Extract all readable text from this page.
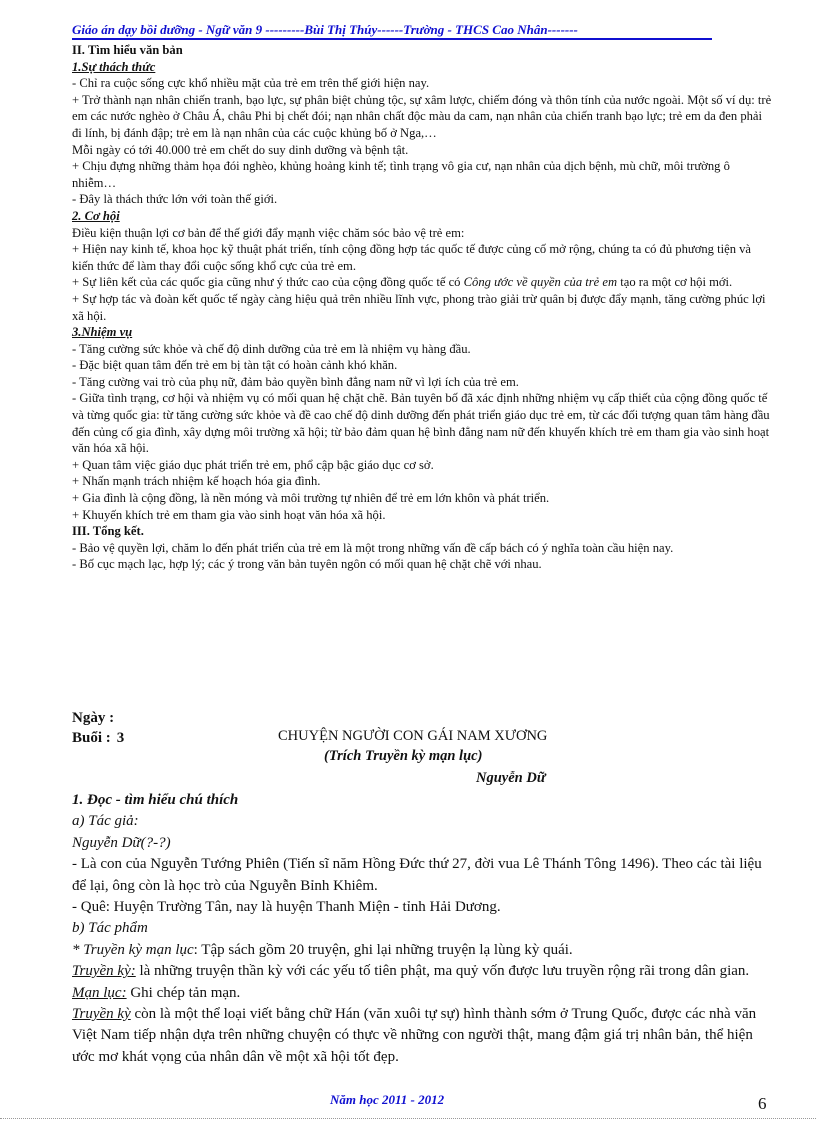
Giáo án dạy bồi dưỡng - Ngữ văn 9 ---------Bùi Thị Thúy------Trường - THCS Cao Nhân-------

II. Tìm hiểu văn bản

1.Sự thách thức

- Chỉ ra cuộc sống cực khổ nhiều mặt của trẻ em trên thế giới hiện nay.

+ Trở thành nạn nhân chiến tranh, bạo lực, sự phân biệt chủng tộc, sự xâm lược, chiếm đóng và thôn tính của nước ngoài. Một số ví dụ: trẻ em các nước nghèo ở Châu Á, châu Phi bị chết đói; nạn nhân chất độc màu da cam, nạn nhân của chiến tranh bạo lực; trẻ em da đen phải đi lính, bị đánh đập; trẻ em là nạn nhân của các cuộc khủng bố ở Nga,…

Mỗi ngày có tới 40.000 trẻ em chết do suy dinh dưỡng và bệnh tật.

+ Chịu đựng những thảm họa đói nghèo, khủng hoảng kinh tế; tình trạng vô gia cư, nạn nhân của dịch bệnh, mù chữ, môi trường ô nhiễm…

- Đây là thách thức lớn với toàn thế giới.

2. Cơ hội

Điều kiện thuận lợi cơ bản để thế giới đẩy mạnh việc chăm sóc bảo vệ trẻ em:

+ Hiện nay kinh tế, khoa học kỹ thuật phát triển, tính cộng đồng hợp tác quốc tế được củng cố mở rộng, chúng ta có đủ phương tiện và kiến thức để làm thay đổi cuộc sống khổ cực của trẻ em.

+ Sự liên kết của các quốc gia cũng như ý thức cao của cộng đồng quốc tế có Công ước về quyền của trẻ em tạo ra một cơ hội mới.

+ Sự hợp tác và đoàn kết quốc tế ngày càng hiệu quả trên nhiều lĩnh vực, phong trào giải trừ quân bị được đẩy mạnh, tăng cường phúc lợi xã hội.

3.Nhiệm vụ

- Tăng cường sức khỏe và chế độ dinh dưỡng của trẻ em là nhiệm vụ hàng đầu.

- Đặc biệt quan tâm đến trẻ em bị tàn tật có hoàn cảnh khó khăn.

- Tăng cường vai trò của phụ nữ, đảm bảo quyền bình đẳng nam nữ vì lợi ích của trẻ em.

- Giữa tình trạng, cơ hội và nhiệm vụ có mối quan hệ chặt chẽ. Bản tuyên bố đã xác định những nhiệm vụ cấp thiết của cộng đồng quốc tế và từng quốc gia: từ tăng cường sức khỏe và đề cao chế độ dinh dưỡng đến phát triển giáo dục trẻ em, từ các đối tượng quan tâm hàng đầu đến củng cố gia đình, xây dựng môi trường xã hội; từ bảo đảm quan hệ bình đẳng nam nữ đến khuyến khích trẻ em tham gia vào sinh hoạt văn hóa xã hội.

+ Quan tâm việc giáo dục phát triển trẻ em, phổ cập bậc giáo dục cơ sở.

+ Nhấn mạnh trách nhiệm kế hoạch hóa gia đình.

+ Gia đình là cộng đồng, là nền móng và môi trường tự nhiên để trẻ em lớn khôn và phát triển.

+ Khuyến khích trẻ em tham gia vào sinh hoạt văn hóa xã hội.

III. Tổng kết.

- Bảo vệ quyền lợi, chăm lo đến phát triển của trẻ em là một trong những vấn đề cấp bách có ý nghĩa toàn cầu hiện nay.

- Bố cục mạch lạc, hợp lý; các ý trong văn bản tuyên ngôn có mối quan hệ chặt chẽ với nhau.

Ngày :
Buổi : 3	CHUYỆN NGƯỜI CON GÁI NAM XƯƠNG
(Trích Truyền kỳ mạn lục)
Nguyễn Dữ

1. Đọc - tìm hiểu chú thích

a) Tác giả:

Nguyễn Dữ(?-?)

- Là con của Nguyễn Tướng Phiên (Tiến sĩ năm Hồng Đức thứ 27, đời vua Lê Thánh Tông 1496). Theo các tài liệu để lại, ông còn là học trò của Nguyễn Bỉnh Khiêm.

- Quê: Huyện Trường Tân, nay là huyện Thanh Miện - tỉnh Hải Dương.

b) Tác phẩm

* Truyền kỳ mạn lục: Tập sách gồm 20 truyện, ghi lại những truyện lạ lùng kỳ quái.

Truyền kỳ: là những truyện thần kỳ với các yếu tố tiên phật, ma quỷ vốn được lưu truyền rộng rãi trong dân gian.

Mạn lục: Ghi chép tản mạn.

Truyền kỳ còn là một thể loại viết bằng chữ Hán (văn xuôi tự sự) hình thành sớm ở Trung Quốc, được các nhà văn Việt Nam tiếp nhận dựa trên những chuyện có thực về những con người thật, mang đậm giá trị nhân bản, thể hiện ước mơ khát vọng của nhân dân về một xã hội tốt đẹp.

Năm học 2011 - 2012	6
